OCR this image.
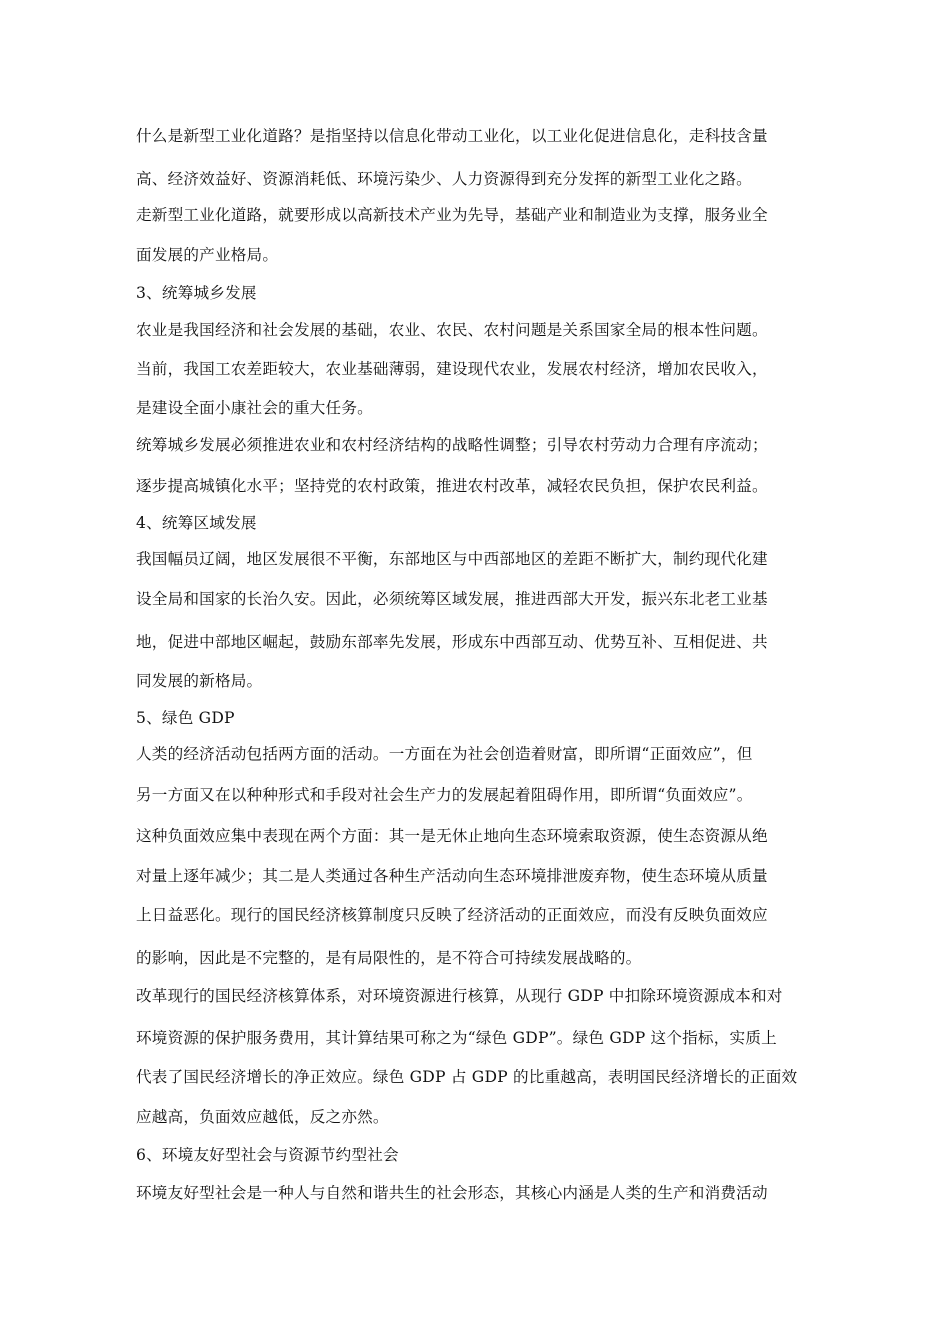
什么是新型工业化道路？是指坚持以信息化带动工业化，以工业化促进信息化，走科技含量
高、经济效益好、资源消耗低、环境污染少、人力资源得到充分发挥的新型工业化之路。
走新型工业化道路，就要形成以高新技术产业为先导，基础产业和制造业为支撑，服务业全
面发展的产业格局。
3、统筹城乡发展
农业是我国经济和社会发展的基础，农业、农民、农村问题是关系国家全局的根本性问题。
当前，我国工农差距较大，农业基础薄弱，建设现代农业，发展农村经济，增加农民收入，
是建设全面小康社会的重大任务。
统筹城乡发展必须推进农业和农村经济结构的战略性调整；引导农村劳动力合理有序流动；
逐步提高城镇化水平；坚持党的农村政策，推进农村改革，减轻农民负担，保护农民利益。
4、统筹区域发展
我国幅员辽阔，地区发展很不平衡，东部地区与中西部地区的差距不断扩大，制约现代化建
设全局和国家的长治久安。因此，必须统筹区域发展，推进西部大开发，振兴东北老工业基
地，促进中部地区崛起，鼓励东部率先发展，形成东中西部互动、优势互补、互相促进、共
同发展的新格局。
5、绿色 GDP
人类的经济活动包括两方面的活动。一方面在为社会创造着财富，即所谓“正面效应”，但
另一方面又在以种种形式和手段对社会生产力的发展起着阻碍作用，即所谓“负面效应”。
这种负面效应集中表现在两个方面：其一是无休止地向生态环境索取资源，使生态资源从绝
对量上逐年减少；其二是人类通过各种生产活动向生态环境排泄废弃物，使生态环境从质量
上日益恶化。现行的国民经济核算制度只反映了经济活动的正面效应，而没有反映负面效应
的影响，因此是不完整的，是有局限性的，是不符合可持续发展战略的。
改革现行的国民经济核算体系，对环境资源进行核算，从现行 GDP 中扣除环境资源成本和对
环境资源的保护服务费用，其计算结果可称之为“绿色 GDP”。绿色 GDP 这个指标，实质上
代表了国民经济增长的净正效应。绿色 GDP 占 GDP 的比重越高，表明国民经济增长的正面效
应越高，负面效应越低，反之亦然。
6、环境友好型社会与资源节约型社会
环境友好型社会是一种人与自然和谐共生的社会形态，其核心内涵是人类的生产和消费活动
